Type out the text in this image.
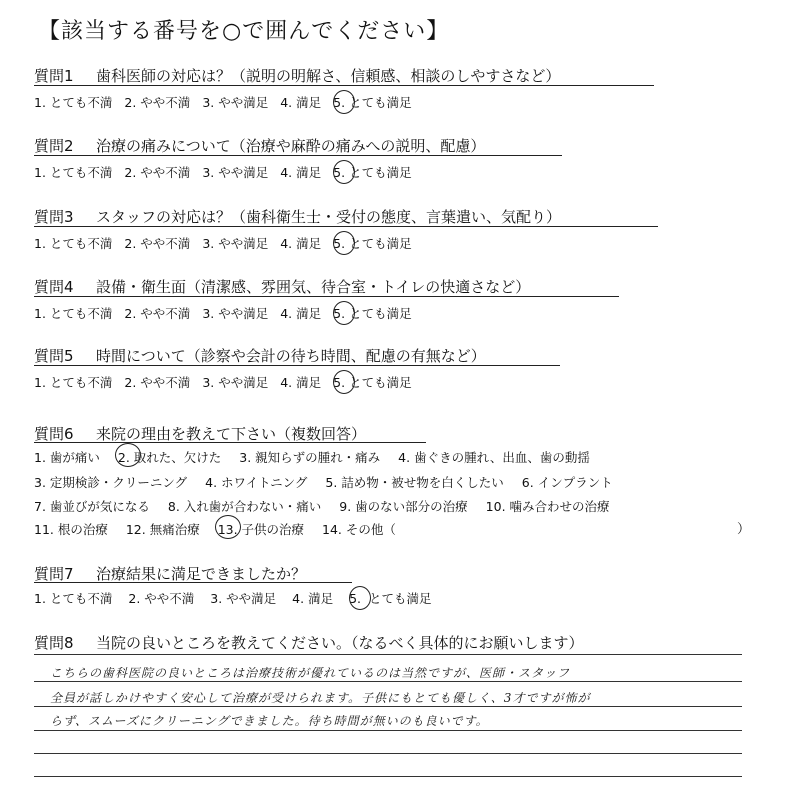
【該当する番号を○で囲んでください】
質問1 歯科医師の対応は？（説明の明解さ、信頼感、相談のしやすさなど）
1. とても不満 2. やや不満 3. やや満足 4. 満足 5. とても満足
質問2 治療の痛みについて（治療や麻酔の痛みへの説明、配慮）
1. とても不満 2. やや不満 3. やや満足 4. 満足 5. とても満足
質問3 スタッフの対応は？（歯科衛生士・受付の態度、言葉遣い、気配り）
1. とても不満 2. やや不満 3. やや満足 4. 満足 5. とても満足
質問4 設備・衛生面（清潔感、雰囲気、待合室・トイレの快適さなど）
1. とても不満 2. やや不満 3. やや満足 4. 満足 5. とても満足
質問5 時間について（診察や会計の待ち時間、配慮の有無など）
1. とても不満 2. やや不満 3. やや満足 4. 満足 5. とても満足
質問6 来院の理由を教えて下さい（複数回答）
1. 歯が痛い 2. 取れた、欠けた 3. 親知らずの腫れ・痛み 4. 歯ぐきの腫れ、出血、歯の動揺
3. 定期検診・クリーニング 4. ホワイトニング 5. 詰め物・被せ物を白くしたい 6. インプラント
7. 歯並びが気になる 8. 入れ歯が合わない・痛い 9. 歯のない部分の治療 10. 噛み合わせの治療
11. 根の治療 12. 無痛治療 13. 子供の治療 14. その他（	）
質問7 治療結果に満足できましたか？
1. とても不満 2. やや不満 3. やや満足 4. 満足 5. とても満足
質問8 当院の良いところを教えてください。（なるべく具体的にお願いします）
こちらの歯科医院の良いところは治療技術が優れているのは当然ですが、医師・スタッフ
全員が話しかけやすく安心して治療が受けられます。子供にもとても優しく、3才ですが怖が
らず、スムーズにクリーニングできました。待ち時間が無いのも良いです。
